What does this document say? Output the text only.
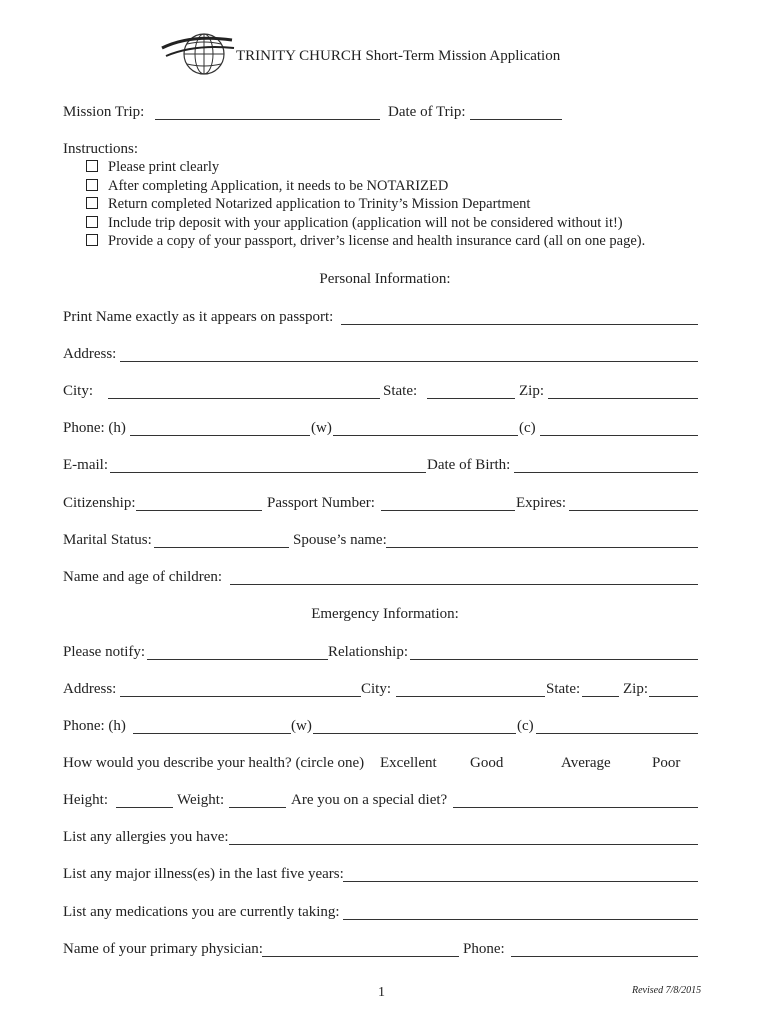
TRINITY CHURCH Short-Term Mission Application
Mission Trip:	Date of Trip:
Instructions:
Please print clearly
After completing Application, it needs to be NOTARIZED
Return completed Notarized application to Trinity’s Mission Department
Include trip deposit with your application (application will not be considered without it!)
Provide a copy of your passport, driver’s license and health insurance card (all on one page).
Personal Information:
Print Name exactly as it appears on passport:
Address:
City:	State:	Zip:
Phone: (h)	(w)	(c)
E-mail:	Date of Birth:
Citizenship:	Passport Number:	Expires:
Marital Status:	Spouse’s name:
Name and age of children:
Emergency Information:
Please notify:	Relationship:
Address:	City:	State:	Zip:
Phone: (h)	(w)	(c)
How would you describe your health? (circle one) Excellent Good	Average	Poor
Height:	Weight:	Are you on a special diet?
List any allergies you have:
List any major illness(es) in the last five years:
List any medications you are currently taking:
Name of your primary physician:	Phone:
1	Revised 7/8/2015
